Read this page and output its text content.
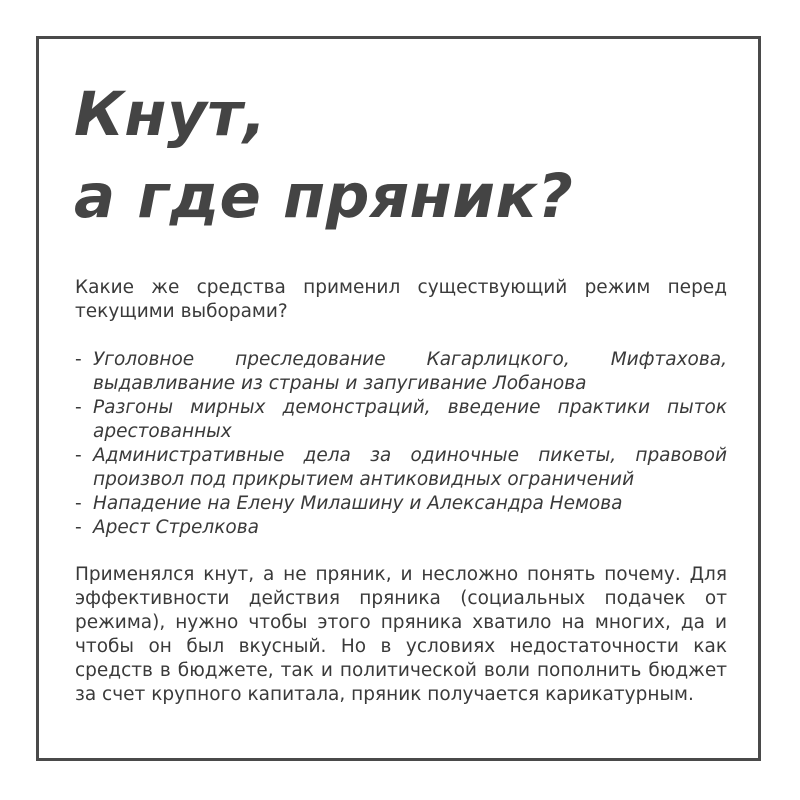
Кнут,
а где пряник?

Какие же средства применил существующий режим перед текущими выборами?

- Уголовное преследование Кагарлицкого, Мифтахова, выдавливание из страны и запугивание Лобанова
- Разгоны мирных демонстраций, введение практики пыток арестованных
- Административные дела за одиночные пикеты, правовой произвол под прикрытием антиковидных ограничений
- Нападение на Елену Милашину и Александра Немова
- Арест Стрелкова

Применялся кнут, а не пряник, и несложно понять почему. Для эффективности действия пряника (социальных подачек от режима), нужно чтобы этого пряника хватило на многих, да и чтобы он был вкусный. Но в условиях недостаточности как средств в бюджете, так и политической воли пополнить бюджет за счет крупного капитала, пряник получается карикатурным.
